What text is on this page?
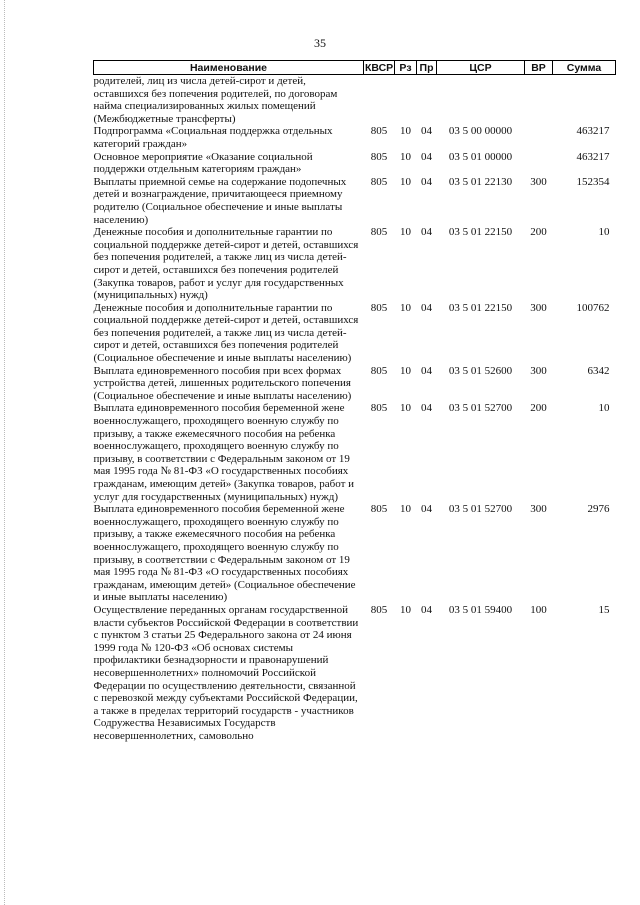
35
Наименование	КВСР	Рз	Пр	ЦСР	ВР	Сумма
родителей, лиц из числа детей-сирот и детей, оставшихся без попечения родителей, по договорам найма специализированных жилых помещений (Межбюджетные трансферты)						
Подпрограмма «Социальная поддержка отдельных категорий граждан»	805	10	04	03 5 00 00000		463217
Основное мероприятие «Оказание социальной поддержки отдельным категориям граждан»	805	10	04	03 5 01 00000		463217
Выплаты приемной семье на содержание подопечных детей и вознаграждение, причитающееся приемному родителю (Социальное обеспечение и иные выплаты населению)	805	10	04	03 5 01 22130	300	152354
Денежные пособия и дополнительные гарантии по социальной поддержке детей-сирот и детей, оставшихся без попечения родителей, а также лиц из числа детей-сирот и детей, оставшихся без попечения родителей (Закупка товаров, работ и услуг для государственных (муниципальных) нужд)	805	10	04	03 5 01 22150	200	10
Денежные пособия и дополнительные гарантии по социальной поддержке детей-сирот и детей, оставшихся без попечения родителей, а также лиц из числа детей-сирот и детей, оставшихся без попечения родителей (Социальное обеспечение и иные выплаты населению)	805	10	04	03 5 01 22150	300	100762
Выплата единовременного пособия при всех формах устройства детей, лишенных родительского попечения (Социальное обеспечение и иные выплаты населению)	805	10	04	03 5 01 52600	300	6342
Выплата единовременного пособия беременной жене военнослужащего, проходящего военную службу по призыву, а также ежемесячного пособия на ребенка военнослужащего, проходящего военную службу по призыву, в соответствии с Федеральным законом от 19 мая 1995 года № 81-ФЗ «О государственных пособиях гражданам, имеющим детей» (Закупка товаров, работ и услуг для государственных (муниципальных) нужд)	805	10	04	03 5 01 52700	200	10
Выплата единовременного пособия беременной жене военнослужащего, проходящего военную службу по призыву, а также ежемесячного пособия на ребенка военнослужащего, проходящего военную службу по призыву, в соответствии с Федеральным законом от 19 мая 1995 года № 81-ФЗ «О государственных пособиях гражданам, имеющим детей» (Социальное обеспечение и иные выплаты населению)	805	10	04	03 5 01 52700	300	2976
Осуществление переданных органам государственной власти субъектов Российской Федерации в соответствии с пунктом 3 статьи 25 Федерального закона от 24 июня 1999 года № 120-ФЗ «Об основах системы профилактики безнадзорности и правонарушений несовершеннолетних» полномочий Российской Федерации по осуществлению деятельности, связанной с перевозкой между субъектами Российской Федерации, а также в пределах территорий государств - участников Содружества Независимых Государств несовершеннолетних, самовольно	805	10	04	03 5 01 59400	100	15
